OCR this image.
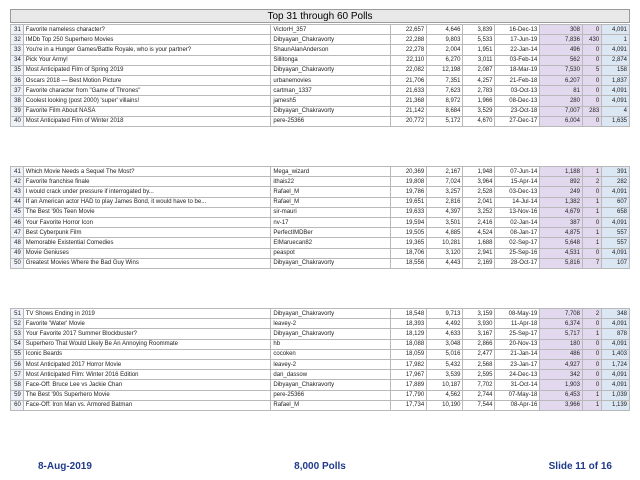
Top 31 through 60 Polls
31	Favorite nameless character?	VictorH_357	22,657	4,646	3,839	16-Dec-13	308	0	4,091
32	IMDb Top 250 Superhero Movies	Dibyayan_Chakravorty	22,288	9,803	5,533	17-Jun-19	7,836	430	1
33	You're in a Hunger Games/Battle Royale, who is your partner?	ShaunAlanAnderson	22,278	2,004	1,951	22-Jan-14	496	0	4,091
34	Pick Your Army!	Sillitonga	22,110	6,270	3,011	03-Feb-14	562	0	2,874
35	Most Anticipated Film of Spring 2019	Dibyayan_Chakravorty	22,082	12,198	2,087	18-Mar-19	7,530	5	158
36	Oscars 2018 — Best Motion Picture	urbanemovies	21,706	7,351	4,257	21-Feb-18	6,207	0	1,837
37	Favorite character from "Game of Thrones"	cartman_1337	21,633	7,623	2,783	03-Oct-13	81	0	4,091
38	Coolest looking (post 2000) 'super' villains!	jamesh5	21,368	8,972	1,966	08-Dec-13	280	0	4,091
39	Favorite Film About NASA	Dibyayan_Chakravorty	21,142	8,684	3,529	23-Oct-18	7,007	283	4
40	Most Anticipated Film of Winter 2018	pere-25366	20,772	5,172	4,670	27-Dec-17	6,004	0	1,635
41	Which Movie Needs a Sequel The Most?	Mega_wizard	20,369	2,167	1,948	07-Jun-14	1,188	1	391
42	Favorite franchise finale	ithais22	19,808	7,024	3,964	15-Apr-14	892	2	282
43	I would crack under pressure if interrogated by...	Rafael_M	19,786	3,257	2,528	03-Dec-13	249	0	4,091
44	If an American actor HAD to play James Bond, it would have to be...	Rafael_M	19,651	2,816	2,041	14-Jul-14	1,382	1	607
45	The Best '90s Teen Movie	sir-mauri	19,633	4,397	3,252	13-Nov-16	4,679	1	658
46	Your Favorite Horror Icon	nv-17	19,594	3,501	2,416	02-Jan-14	387	0	4,091
47	Best Cyberpunk Film	PerfectIMDBer	19,505	4,885	4,524	08-Jan-17	4,875	1	557
48	Memorable Existential Comedies	ElMaruecan82	19,365	10,281	1,688	02-Sep-17	5,648	1	557
49	Movie Geniuses	peaspot	18,706	3,120	2,941	25-Sep-16	4,531	0	4,091
50	Greatest Movies Where the Bad Guy Wins	Dibyayan_Chakravorty	18,556	4,443	2,169	28-Oct-17	5,816	7	107
51	TV Shows Ending in 2019	Dibyayan_Chakravorty	18,548	9,713	3,159	08-May-19	7,708	2	348
52	Favorite 'Water' Movie	leavey-2	18,393	4,492	3,930	11-Apr-18	6,374	0	4,091
53	Your Favorite 2017 Summer Blockbuster?	Dibyayan_Chakravorty	18,129	4,633	3,167	25-Sep-17	5,717	1	878
54	Superhero That Would Likely Be An Annoying Roommate	hb	18,088	3,048	2,866	20-Nov-13	180	0	4,091
55	Iconic Beards	cocoken	18,059	5,016	2,477	21-Jan-14	486	0	1,403
56	Most Anticipated 2017 Horror Movie	leavey-2	17,982	5,432	2,568	23-Jan-17	4,927	0	1,724
57	Most Anticipated Film: Winter 2016 Edition	dan_dassow	17,967	3,539	2,595	24-Dec-13	342	0	4,091
58	Face-Off: Bruce Lee vs Jackie Chan	Dibyayan_Chakravorty	17,889	10,187	7,702	31-Oct-14	1,903	0	4,091
59	The Best '90s Superhero Movie	pere-25366	17,790	4,562	2,744	07-May-18	6,453	1	1,039
60	Face-Off: Iron Man vs. Armored Batman	Rafael_M	17,734	10,190	7,544	08-Apr-16	3,966	1	1,139
8-Aug-2019	8,000 Polls	Slide 11 of 16
